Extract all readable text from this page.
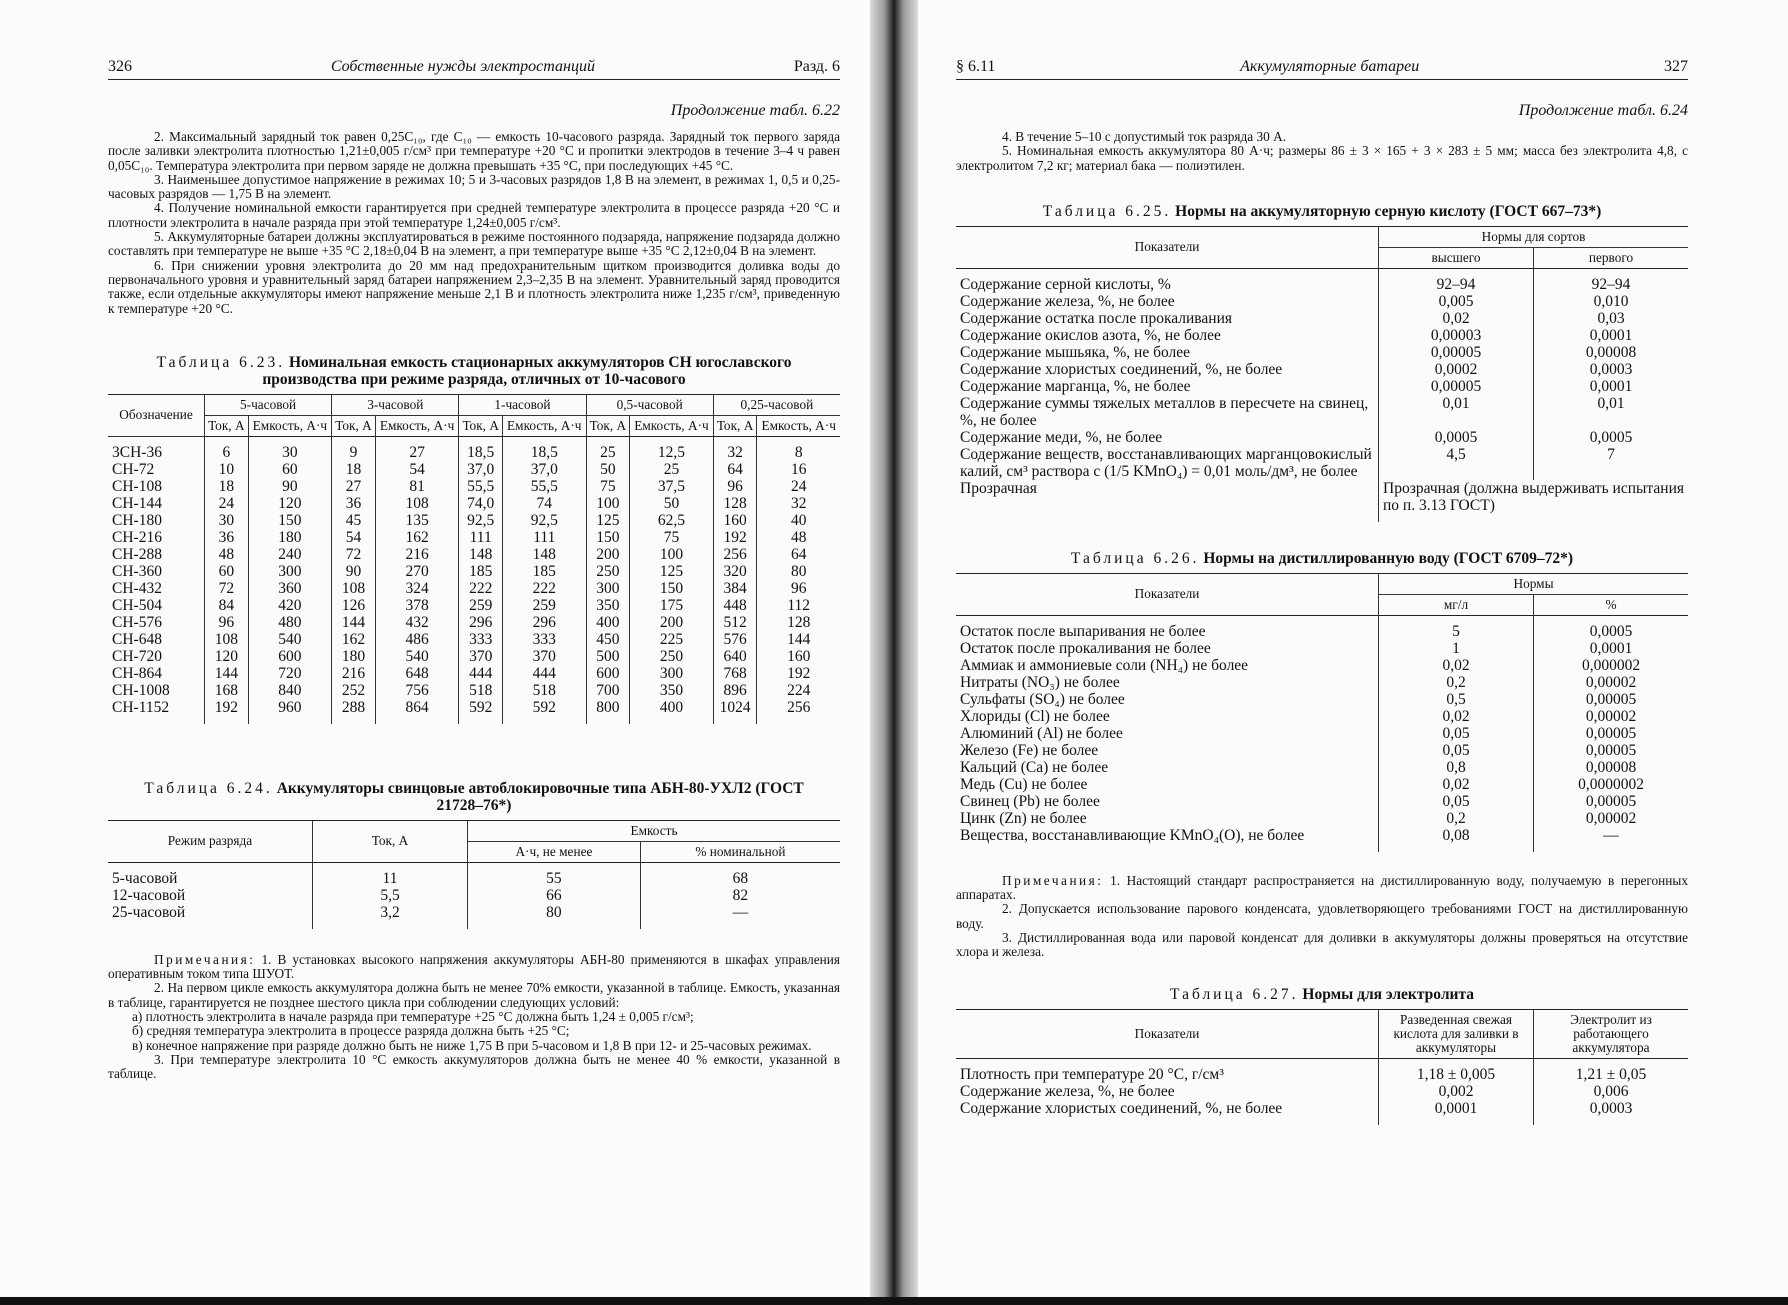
326	Собственные нужды электростанций	Разд. 6
Продолжение табл. 6.22

2. Максимальный зарядный ток равен 0,25C₁₀, где C₁₀ — емкость 10-часового разряда. Зарядный ток первого заряда после заливки электролита плотностью 1,21±0,005 г/см³ при температуре +20 °C и пропитки электродов в течение 3–4 ч равен 0,05C₁₀. Температура электролита при первом заряде не должна превышать +35 °C, при последующих +45 °C.

3. Наименьшее допустимое напряжение в режимах 10; 5 и 3-часовых разрядов 1,8 В на элемент, в режимах 1, 0,5 и 0,25-часовых разрядов — 1,75 В на элемент.

4. Получение номинальной емкости гарантируется при средней температуре электролита в процессе разряда +20 °C и плотности электролита в начале разряда при этой температуре 1,24±0,005 г/см³.

5. Аккумуляторные батареи должны эксплуатироваться в режиме постоянного подзаряда, напряжение подзаряда должно составлять при температуре не выше +35 °C 2,18±0,04 В на элемент, а при температуре выше +35 °C 2,12±0,04 В на элемент.

6. При снижении уровня электролита до 20 мм над предохранительным щитком производится доливка воды до первоначального уровня и уравнительный заряд батареи напряжением 2,3–2,35 В на элемент. Уравнительный заряд проводится также, если отдельные аккумуляторы имеют напряжение меньше 2,1 В и плотность электролита ниже 1,235 г/см³, приведенную к температуре +20 °C.

Таблица 6.23. Номинальная емкость стационарных аккумуляторов СН югославского производства при режиме разряда, отличных от 10-часового
Обозначение	5-часовой		3-часовой		1-часовой		0,5-часовой		0,25-часовой	
	Ток, А	Емкость, А·ч	Ток, А	Емкость, А·ч	Ток, А	Емкость, А·ч	Ток, А	Емкость, А·ч	Ток, А	Емкость, А·ч

3СН-36	6	30	9	27	18,5	18,5	25	12,5	32	8
СН-72	10	60	18	54	37,0	37,0	50	25	64	16
СН-108	18	90	27	81	55,5	55,5	75	37,5	96	24
СН-144	24	120	36	108	74,0	74	100	50	128	32
СН-180	30	150	45	135	92,5	92,5	125	62,5	160	40
СН-216	36	180	54	162	111	111	150	75	192	48
СН-288	48	240	72	216	148	148	200	100	256	64
СН-360	60	300	90	270	185	185	250	125	320	80
СН-432	72	360	108	324	222	222	300	150	384	96
СН-504	84	420	126	378	259	259	350	175	448	112
СН-576	96	480	144	432	296	296	400	200	512	128
СН-648	108	540	162	486	333	333	450	225	576	144
СН-720	120	600	180	540	370	370	500	250	640	160
СН-864	144	720	216	648	444	444	600	300	768	192
СН-1008	168	840	252	756	518	518	700	350	896	224
СН-1152	192	960	288	864	592	592	800	400	1024	256
Таблица 6.24. Аккумуляторы свинцовые автоблокировочные типа АБН-80-УХЛ2 (ГОСТ 21728–76*)
Режим разряда	Ток, А	Емкость	
		А·ч, не менее	% номинальной

5-часовой	11	55	68
12-часовой	5,5	66	82
25-часовой	3,2	80	—

Примечания: 1. В установках высокого напряжения аккумуляторы АБН-80 применяются в шкафах управления оперативным током типа ШУОТ.

2. На первом цикле емкость аккумулятора должна быть не менее 70% емкости, указанной в таблице. Емкость, указанная в таблице, гарантируется не позднее шестого цикла при соблюдении следующих условий:

а) плотность электролита в начале разряда при температуре +25 °C должна быть 1,24 ± 0,005 г/см³;

б) средняя температура электролита в процессе разряда должна быть +25 °C;

в) конечное напряжение при разряде должно быть не ниже 1,75 В при 5-часовом и 1,8 В при 12- и 25-часовых режимах.

3. При температуре электролита 10 °C емкость аккумуляторов должна быть не менее 40 % емкости, указанной в таблице.

§ 6.11	Аккумуляторные батареи	327
Продолжение табл. 6.24

4. В течение 5–10 с допустимый ток разряда 30 А.

5. Номинальная емкость аккумулятора 80 А·ч; размеры 86 ± 3 × 165 + 3 × 283 ± 5 мм; масса без электролита 4,8, с электролитом 7,2 кг; материал бака — полиэтилен.

Таблица 6.25. Нормы на аккумуляторную серную кислоту (ГОСТ 667–73*)
Показатели	Нормы для сортов	
	высшего	первого

Содержание серной кислоты, %	92–94	92–94
Содержание железа, %, не более	0,005	0,010
Содержание остатка после прокаливания	0,02	0,03
Содержание окислов азота, %, не более	0,00003	0,0001
Содержание мышьяка, %, не более	0,00005	0,00008
Содержание хлористых соединений, %, не более	0,0002	0,0003
Содержание марганца, %, не более	0,00005	0,0001
Содержание суммы тяжелых металлов в пересчете на свинец, %, не более	0,01	0,01
Содержание меди, %, не более	0,0005	0,0005
Содержание веществ, восстанавливающих марганцовокислый калий, см³ раствора с (1/5 KMnO₄) = 0,01 моль/дм³, не более	4,5	7
Прозрачная	Прозрачная (должна выдерживать испытания по п. 3.13 ГОСТ)	
Таблица 6.26. Нормы на дистиллированную воду (ГОСТ 6709–72*)
Показатели	Нормы	
	мг/л	%

Остаток после выпаривания не более	5	0,0005
Остаток после прокаливания не более	1	0,0001
Аммиак и аммониевые соли (NH₄) не более	0,02	0,000002
Нитраты (NO₃) не более	0,2	0,00002
Сульфаты (SO₄) не более	0,5	0,00005
Хлориды (Cl) не более	0,02	0,00002
Алюминий (Al) не более	0,05	0,00005
Железо (Fe) не более	0,05	0,00005
Кальций (Ca) не более	0,8	0,00008
Медь (Cu) не более	0,02	0,0000002
Свинец (Pb) не более	0,05	0,00005
Цинк (Zn) не более	0,2	0,00002
Вещества, восстанавливающие KMnO₄(O), не более	0,08	—

Примечания: 1. Настоящий стандарт распространяется на дистиллированную воду, получаемую в перегонных аппаратах.

2. Допускается использование парового конденсата, удовлетворяющего требованиями ГОСТ на дистиллированную воду.

3. Дистиллированная вода или паровой конденсат для доливки в аккумуляторы должны проверяться на отсутствие хлора и железа.

Таблица 6.27. Нормы для электролита
Показатели	Разведенная свежая кислота для заливки в аккумуляторы	Электролит из работающего аккумулятора

Плотность при температуре 20 °C, г/см³	1,18 ± 0,005	1,21 ± 0,05
Содержание железа, %, не более	0,002	0,006
Содержание хлористых соединений, %, не более	0,0001	0,0003
